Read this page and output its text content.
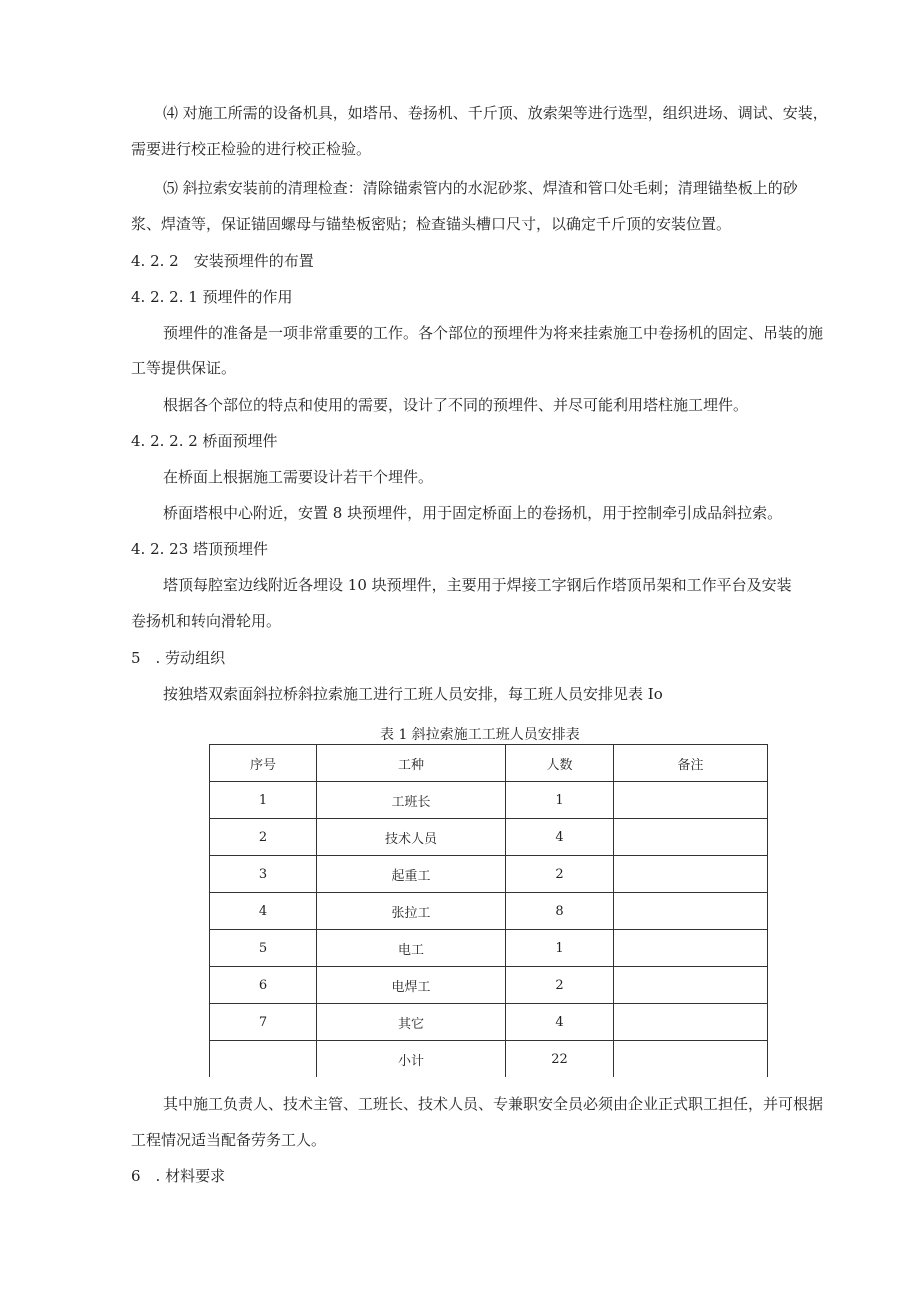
⑷ 对施工所需的设备机具，如塔吊、卷扬机、千斤顶、放索架等进行选型，组织进场、调试、安装，
需要进行校正检验的进行校正检验。
⑸ 斜拉索安装前的清理检查：清除锚索管内的水泥砂浆、焊渣和管口处毛刺；清理锚垫板上的砂
浆、焊渣等，保证锚固螺母与锚垫板密贴；检查锚头槽口尺寸，以确定千斤顶的安装位置。
4. 2. 2　安装预埋件的布置
4. 2. 2. 1 预埋件的作用
预埋件的准备是一项非常重要的工作。各个部位的预埋件为将来挂索施工中卷扬机的固定、吊装的施
工等提供保证。
根据各个部位的特点和使用的需要，设计了不同的预埋件、并尽可能利用塔柱施工埋件。
4. 2. 2. 2 桥面预埋件
在桥面上根据施工需要设计若干个埋件。
桥面塔根中心附近，安置 8 块预埋件，用于固定桥面上的卷扬机，用于控制牵引成品斜拉索。
4. 2. 23 塔顶预埋件
塔顶每腔室边线附近各埋设 10 块预埋件，主要用于焊接工字钢后作塔顶吊架和工作平台及安装
卷扬机和转向滑轮用。
5　. 劳动组织
按独塔双索面斜拉桥斜拉索施工进行工班人员安排，每工班人员安排见表 Io
表 1 斜拉索施工工班人员安排表
序号	工种	人数	备注
1	工班长	1	
2	技术人员	4	
3	起重工	2	
4	张拉工	8	
5	电工	1	
6	电焊工	2	
7	其它	4	
	小计	22	
其中施工负责人、技术主管、工班长、技术人员、专兼职安全员必须由企业正式职工担任，并可根据
工程情况适当配备劳务工人。
6　. 材料要求
